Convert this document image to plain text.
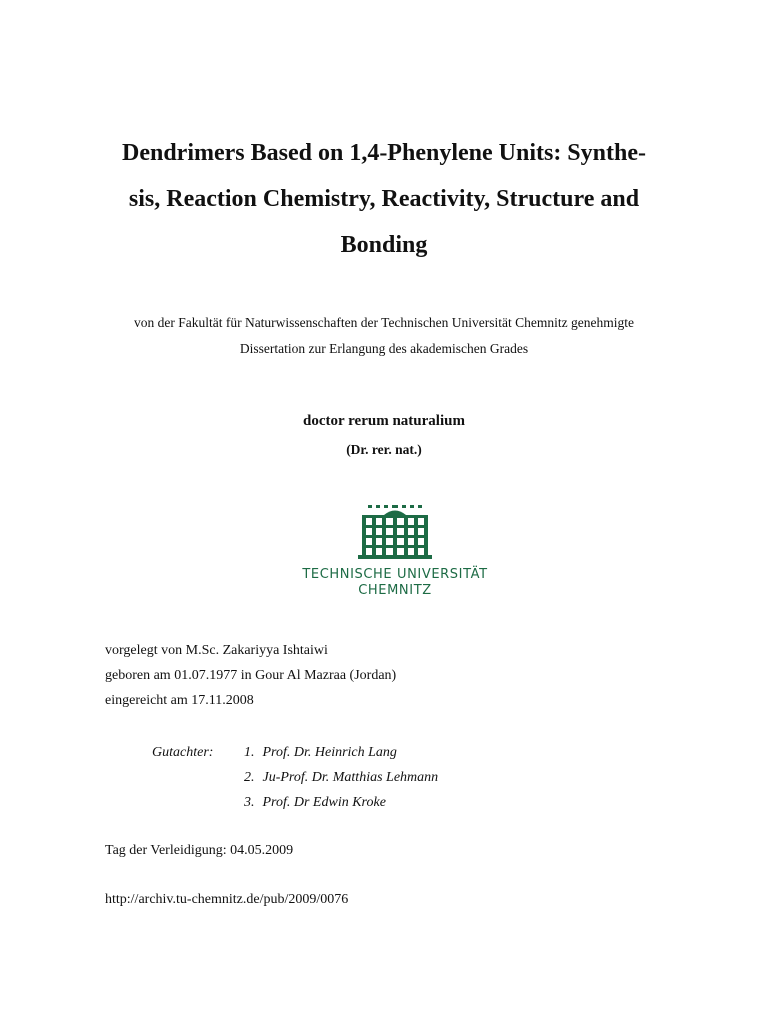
Dendrimers Based on 1,4-Phenylene Units: Synthe-
sis, Reaction Chemistry, Reactivity, Structure and
Bonding

von der Fakultät für Naturwissenschaften der Technischen Universität Chemnitz genehmigte
Dissertation zur Erlangung des akademischen Grades

doctor rerum naturalium

(Dr. rer. nat.)

TECHNISCHE UNIVERSITÄT
CHEMNITZ

vorgelegt von M.Sc. Zakariyya Ishtaiwi
geboren am 01.07.1977 in Gour Al Mazraa (Jordan)
eingereicht am 17.11.2008

Gutachter:	1. Prof. Dr. Heinrich Lang
2. Ju-Prof. Dr. Matthias Lehmann
3. Prof. Dr Edwin Kroke

Tag der Verleidigung: 04.05.2009

http://archiv.tu-chemnitz.de/pub/2009/0076
